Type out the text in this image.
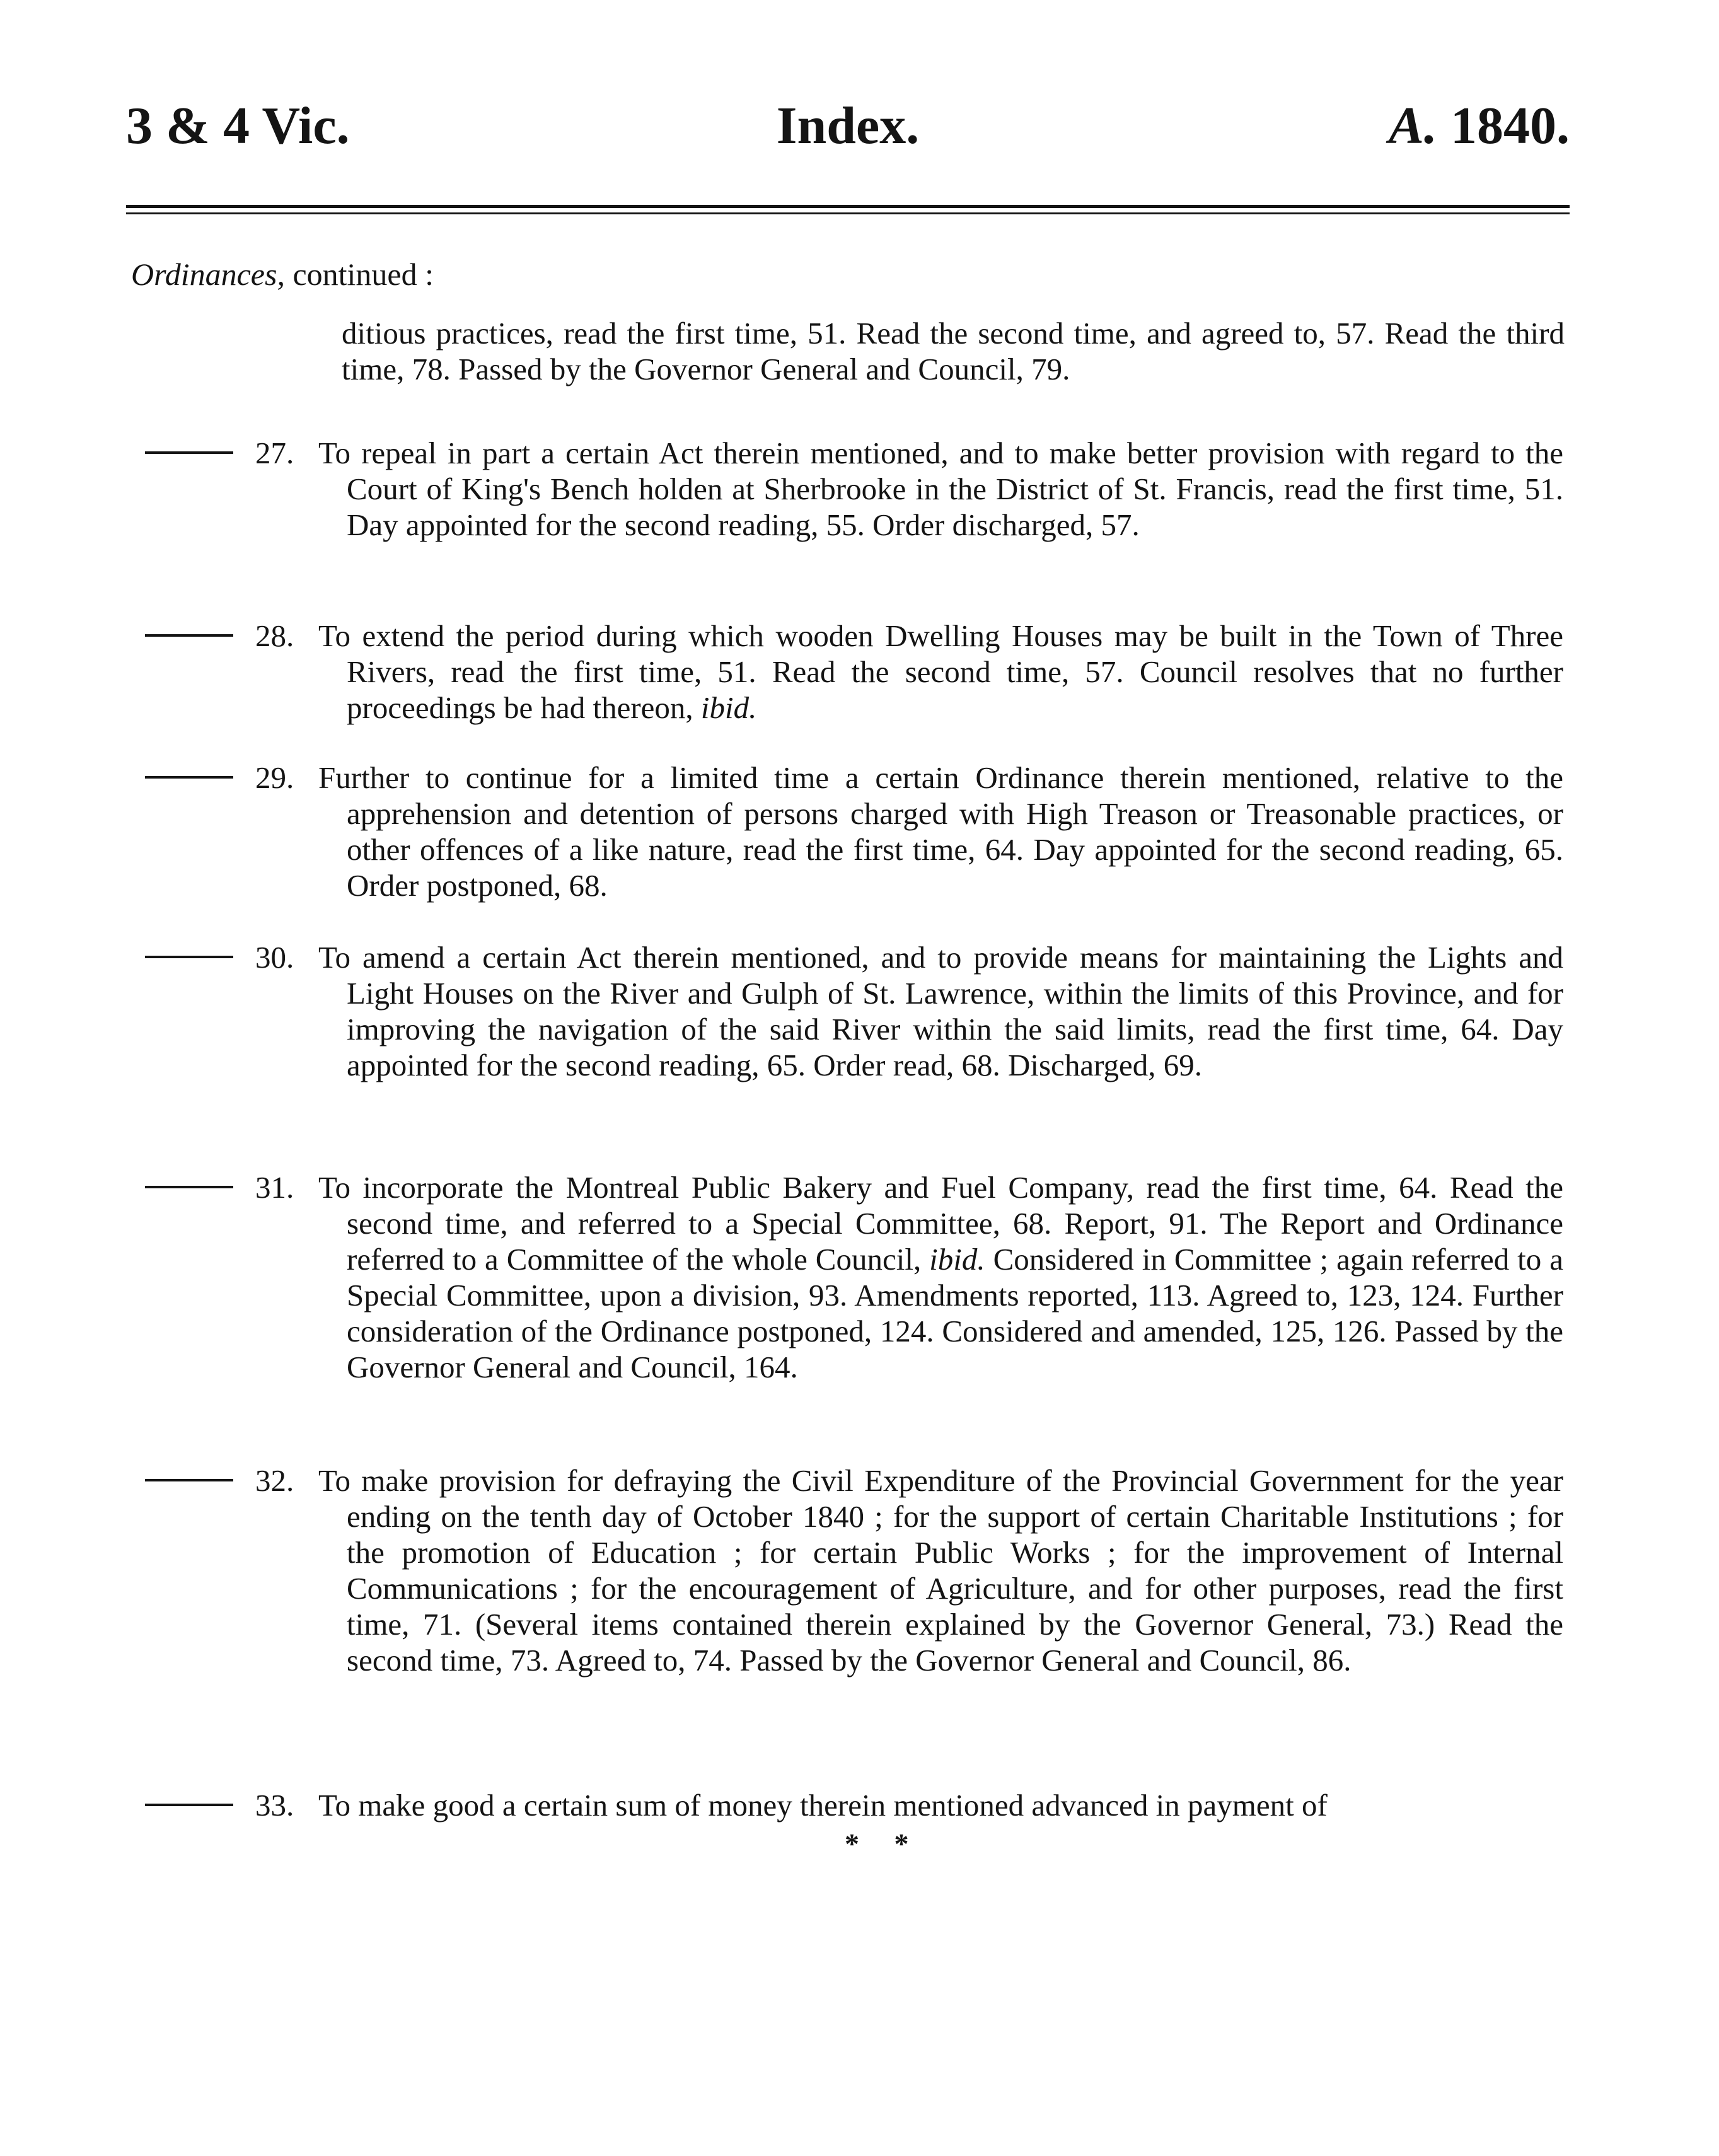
3 & 4 Vic.	Index.	A. 1840.
Ordinances, continued :
ditious practices, read the first time, 51. Read the second time, and agreed to, 57. Read the third time, 78. Passed by the Governor General and Council, 79.
27. To repeal in part a certain Act therein mentioned, and to make better provision with regard to the Court of King's Bench holden at Sherbrooke in the District of St. Francis, read the first time, 51. Day appointed for the second reading, 55. Order discharged, 57.
28. To extend the period during which wooden Dwelling Houses may be built in the Town of Three Rivers, read the first time, 51. Read the second time, 57. Council resolves that no further proceedings be had thereon, ibid.
29. Further to continue for a limited time a certain Ordinance therein mentioned, relative to the apprehension and detention of persons charged with High Treason or Treasonable practices, or other offences of a like nature, read the first time, 64. Day appointed for the second reading, 65. Order postponed, 68.
30. To amend a certain Act therein mentioned, and to provide means for maintaining the Lights and Light Houses on the River and Gulph of St. Lawrence, within the limits of this Province, and for improving the navigation of the said River within the said limits, read the first time, 64. Day appointed for the second reading, 65. Order read, 68. Discharged, 69.
31. To incorporate the Montreal Public Bakery and Fuel Company, read the first time, 64. Read the second time, and referred to a Special Committee, 68. Report, 91. The Report and Ordinance referred to a Committee of the whole Council, ibid. Considered in Committee ; again referred to a Special Committee, upon a division, 93. Amendments reported, 113. Agreed to, 123, 124. Further consideration of the Ordinance postponed, 124. Considered and amended, 125, 126. Passed by the Governor General and Council, 164.
32. To make provision for defraying the Civil Expenditure of the Provincial Government for the year ending on the tenth day of October 1840 ; for the support of certain Charitable Institutions ; for the promotion of Education ; for certain Public Works ; for the improvement of Internal Communications ; for the encouragement of Agriculture, and for other purposes, read the first time, 71. (Several items contained therein explained by the Governor General, 73.) Read the second time, 73. Agreed to, 74. Passed by the Governor General and Council, 86.
33. To make good a certain sum of money therein mentioned advanced in payment of
* *
